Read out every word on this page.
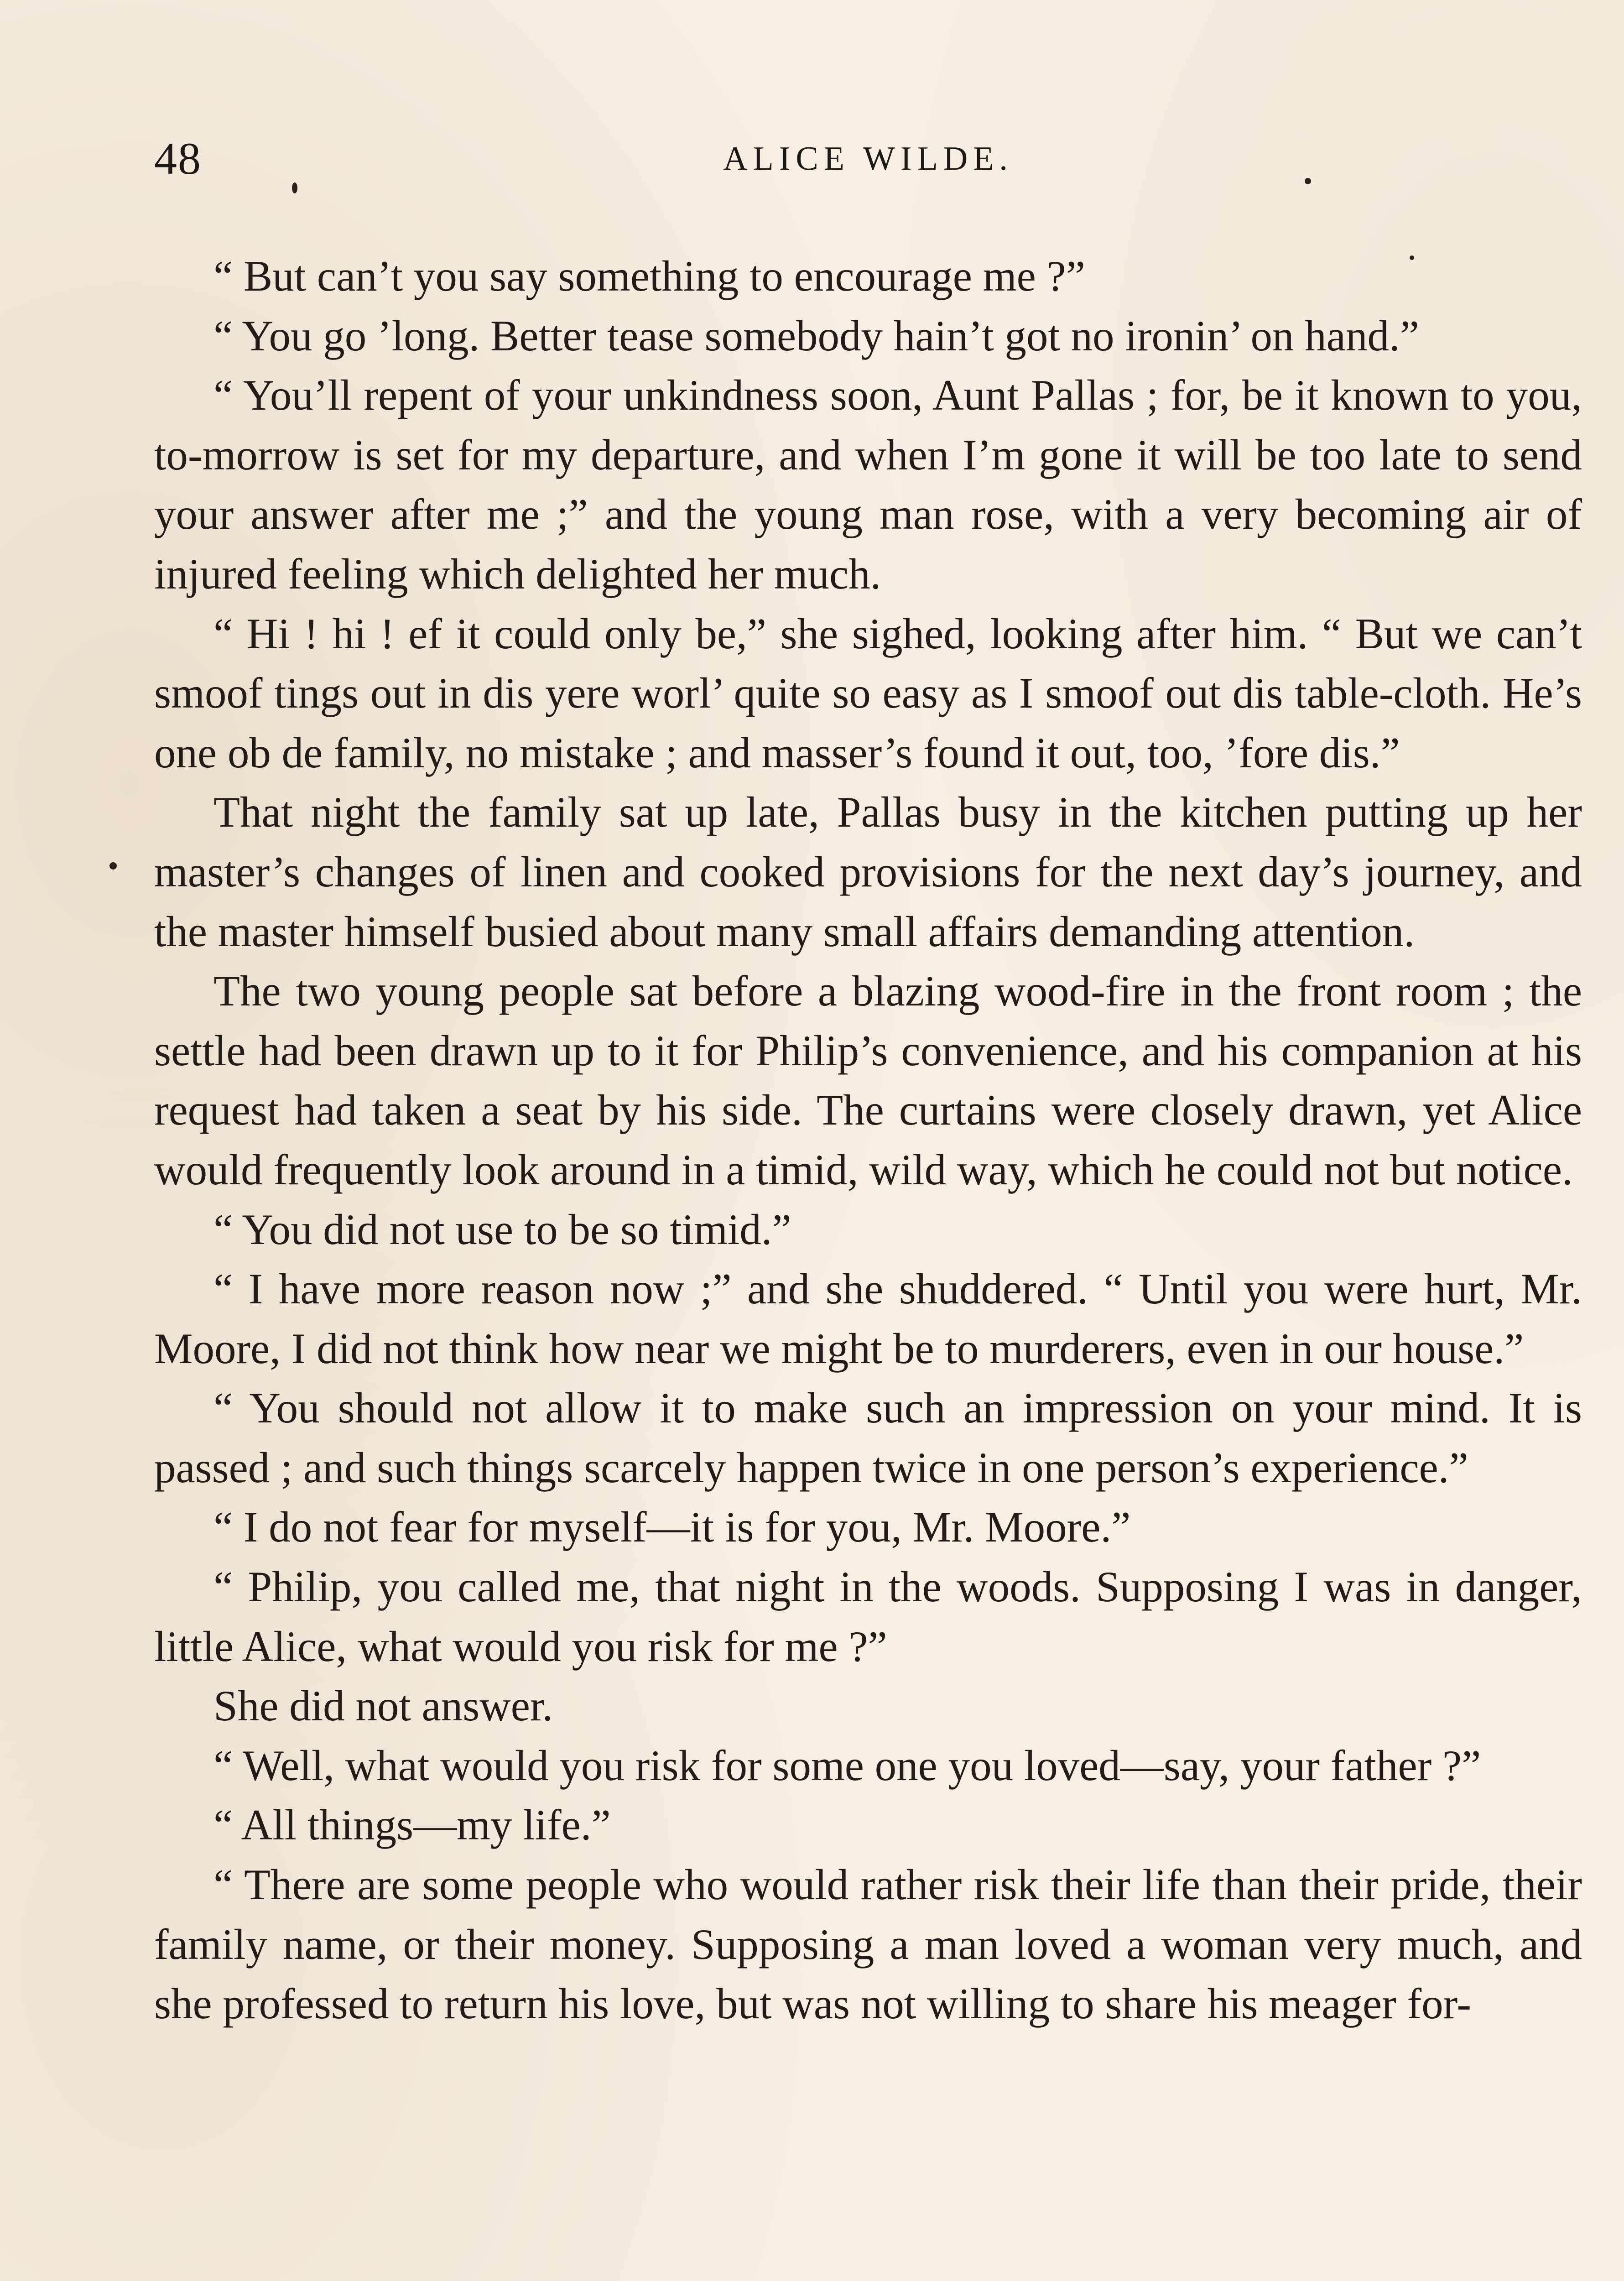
48	ALICE WILDE.

“ But can’t you say something to encourage me ?”

“ You go ’long. Better tease somebody hain’t got no ironin’ on hand.”

“ You’ll repent of your unkindness soon, Aunt Pallas ; for, be it known to you, to-morrow is set for my departure, and when I’m gone it will be too late to send your answer after me ;” and the young man rose, with a very becoming air of injured feeling which delighted her much.

“ Hi ! hi ! ef it could only be,” she sighed, looking after him. “ But we can’t smoof tings out in dis yere worl’ quite so easy as I smoof out dis table-cloth. He’s one ob de family, no mistake ; and masser’s found it out, too, ’fore dis.”

That night the family sat up late, Pallas busy in the kitchen putting up her master’s changes of linen and cooked provisions for the next day’s journey, and the master himself busied about many small affairs demanding attention.

The two young people sat before a blazing wood-fire in the front room ; the settle had been drawn up to it for Philip’s convenience, and his companion at his request had taken a seat by his side. The curtains were closely drawn, yet Alice would frequently look around in a timid, wild way, which he could not but notice.

“ You did not use to be so timid.”

“ I have more reason now ;” and she shuddered. “ Until you were hurt, Mr. Moore, I did not think how near we might be to murderers, even in our house.”

“ You should not allow it to make such an impression on your mind. It is passed ; and such things scarcely happen twice in one person’s experience.”

“ I do not fear for myself—it is for you, Mr. Moore.”

“ Philip, you called me, that night in the woods. Supposing I was in danger, little Alice, what would you risk for me ?”

She did not answer.

“ Well, what would you risk for some one you loved—say, your father ?”

“ All things—my life.”

“ There are some people who would rather risk their life than their pride, their family name, or their money. Supposing a man loved a woman very much, and she professed to return his love, but was not willing to share his meager for-
